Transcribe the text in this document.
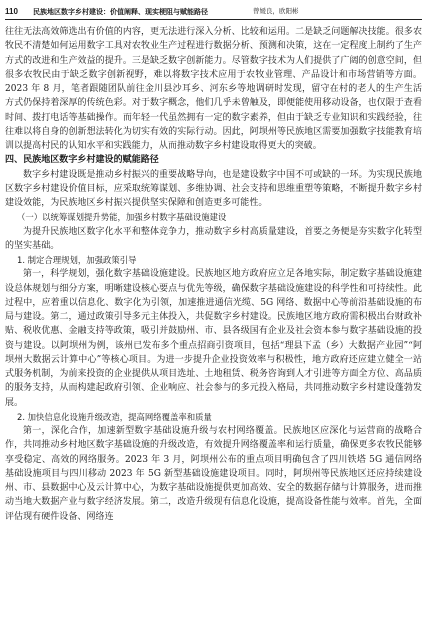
110 民族地区数字乡村建设：价值阐释、现实梗阻与赋能路径	曾媛良，欧阳彬

往往无法高效筛选出有价值的内容，更无法进行深入分析、比较和运用。二是缺乏问题解决技能。很多农牧民不清楚如何运用数字工具对农牧业生产过程进行数据分析、预测和决策，这在一定程度上制约了生产方式的改进和生产效益的提升。三是缺乏数字创新能力。尽管数字技术为人们提供了广阔的创意空间，但很多农牧民由于缺乏数字创新视野，难以将数字技术应用于农牧业管理、产品设计和市场营销等方面。2023 年 8 月，笔者跟随团队前往金川县沙耳乡、河东乡等地调研时发现，留守在村的老人的生产生活方式仍保持着深厚的传统色彩。对于数字概念，他们几乎未曾触及，即便能使用移动设备，也仅限于查看时间、拨打电话等基础操作。而年轻一代虽然拥有一定的数字素养，但由于缺乏专业知识和实践经验，往往难以将自身的创新想法转化为切实有效的实际行动。因此，阿坝州等民族地区需要加强数字技能教育培训以提高村民的认知水平和实践能力，从而推动数字乡村建设取得更大的突破。

四、民族地区数字乡村建设的赋能路径

数字乡村建设既是推动乡村振兴的重要战略导向，也是建设数字中国不可或缺的一环。为实现民族地区数字乡村建设价值目标，应采取统筹谋划、多维协调、社会支持和思维重塑等策略，不断提升数字乡村建设效能，为民族地区乡村振兴提供坚实保障和创造更多可能性。

（一）以统筹谋划提升势能，加强乡村数字基础设施建设

为提升民族地区数字化水平和整体竞争力，推动数字乡村高质量建设，首要之务便是夯实数字化转型的坚实基础。

1. 制定合理规划，加强政策引导

第一，科学规划，强化数字基础设施建设。民族地区地方政府应立足各地实际，制定数字基础设施建设总体规划与细分方案，明晰建设核心要点与优先等级，确保数字基础设施建设的科学性和可持续性。此过程中，应着重以信息化、数字化为引领，加速推进通信光缆、5G 网络、数据中心等前沿基础设施的布局与建设。第二，通过政策引导多元主体投入，共促数字乡村建设。民族地区地方政府需积极出台财政补贴、税收优惠、金融支持等政策，吸引并鼓励州、市、县各级国有企业及社会资本参与数字基础设施的投资与建设。以阿坝州为例，该州已发布多个重点招商引资项目，包括“理县下孟（乡）大数据产业园”“阿坝州大数据云计算中心”等核心项目。为进一步提升企业投资效率与积极性，地方政府还应建立健全一站式服务机制，为前来投资的企业提供从项目选址、土地租赁、税务咨询到人才引进等方面全方位、高品质的服务支持，从而构建起政府引领、企业响应、社会参与的多元投入格局，共同推动数字乡村建设蓬勃发展。

2. 加快信息化设施升级改造，提高网络覆盖率和质量

第一，深化合作，加速新型数字基础设施升级与农村网络覆盖。民族地区应深化与运营商的战略合作，共同推动乡村地区数字基础设施的升级改造，有效提升网络覆盖率和运行质量，确保更多农牧民能够享受稳定、高效的网络服务。2023 年 3 月，阿坝州公布的重点项目明确包含了四川铁塔 5G 通信网络基础设施项目与四川移动 2023 年 5G 新型基础设施建设项目。同时，阿坝州等民族地区还应持续建设州、市、县数据中心及云计算中心，为数字基础设施提供更加高效、安全的数据存储与计算服务，进而推动当地大数据产业与数字经济发展。第二，改造升级现有信息化设施，提高设备性能与效率。首先，全面评估现有硬件设备、网络连
